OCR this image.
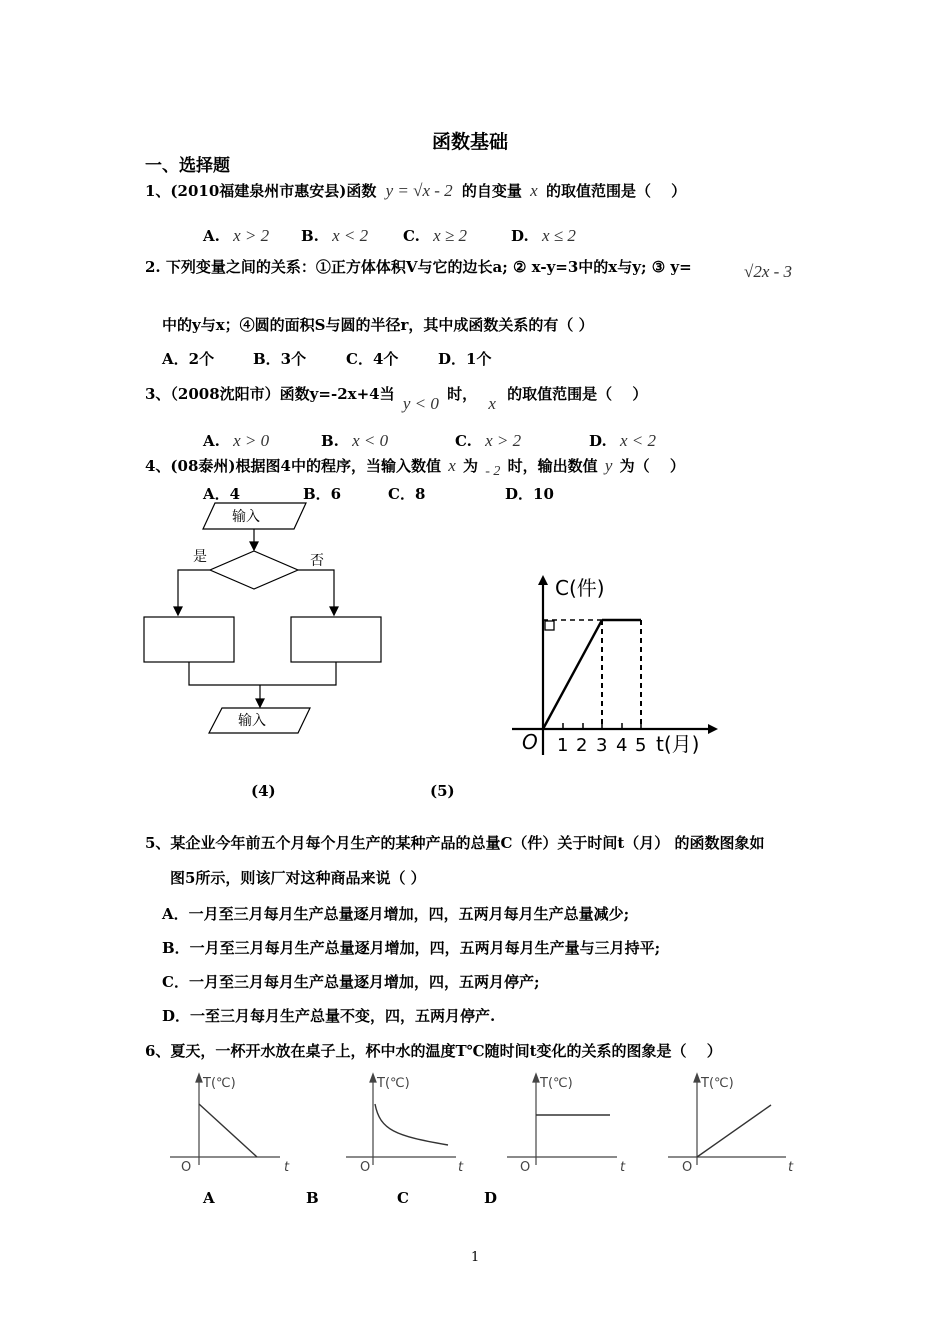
函数基础
一、选择题
1、(2010福建泉州市惠安县)函数 y = √x - 2 的自变量 x 的取值范围是（　 ）
A. x > 2 B. x < 2 C. x ≥ 2	D. x ≤ 2
2. 下列变量之间的关系：①正方体体积V与它的边长a; ② x-y=3中的x与y; ③ y=	√2x - 3
中的y与x；④圆的面积S与圆的半径r，其中成函数关系的有（ ）
A．2个	B．3个	C．4个	D．1个
3、（2008沈阳市）函数y=-2x+4当 y < 0 时， x 的取值范围是（　 ）
A. x > 0	B. x < 0	C. x > 2	D. x < 2
4、(08泰州)根据图4中的程序，当输入数值 x 为 - 2 时，输出数值 y 为（　 ）
A．4	B．6	C．8	D．10
输入
是	否
输入
(4)
C(件)
O 1 2 3 4 5 t(月)
(5)
5、某企业今年前五个月每个月生产的某种产品的总量C（件）关于时间t（月） 的函数图象如
图5所示，则该厂对这种商品来说（ ）
A．一月至三月每月生产总量逐月增加，四，五两月每月生产总量减少;
B．一月至三月每月生产总量逐月增加，四，五两月每月生产量与三月持平;
C．一月至三月每月生产总量逐月增加，四，五两月停产;
D．一至三月每月生产总量不变，四，五两月停产.
6、夏天，一杯开水放在桌子上，杯中水的温度T℃随时间t变化的关系的图象是（　 ）
T(℃)
O	t
T(℃)
O	t
T(℃)
O	t
T(℃)
O	t
A	B	C	D
1
